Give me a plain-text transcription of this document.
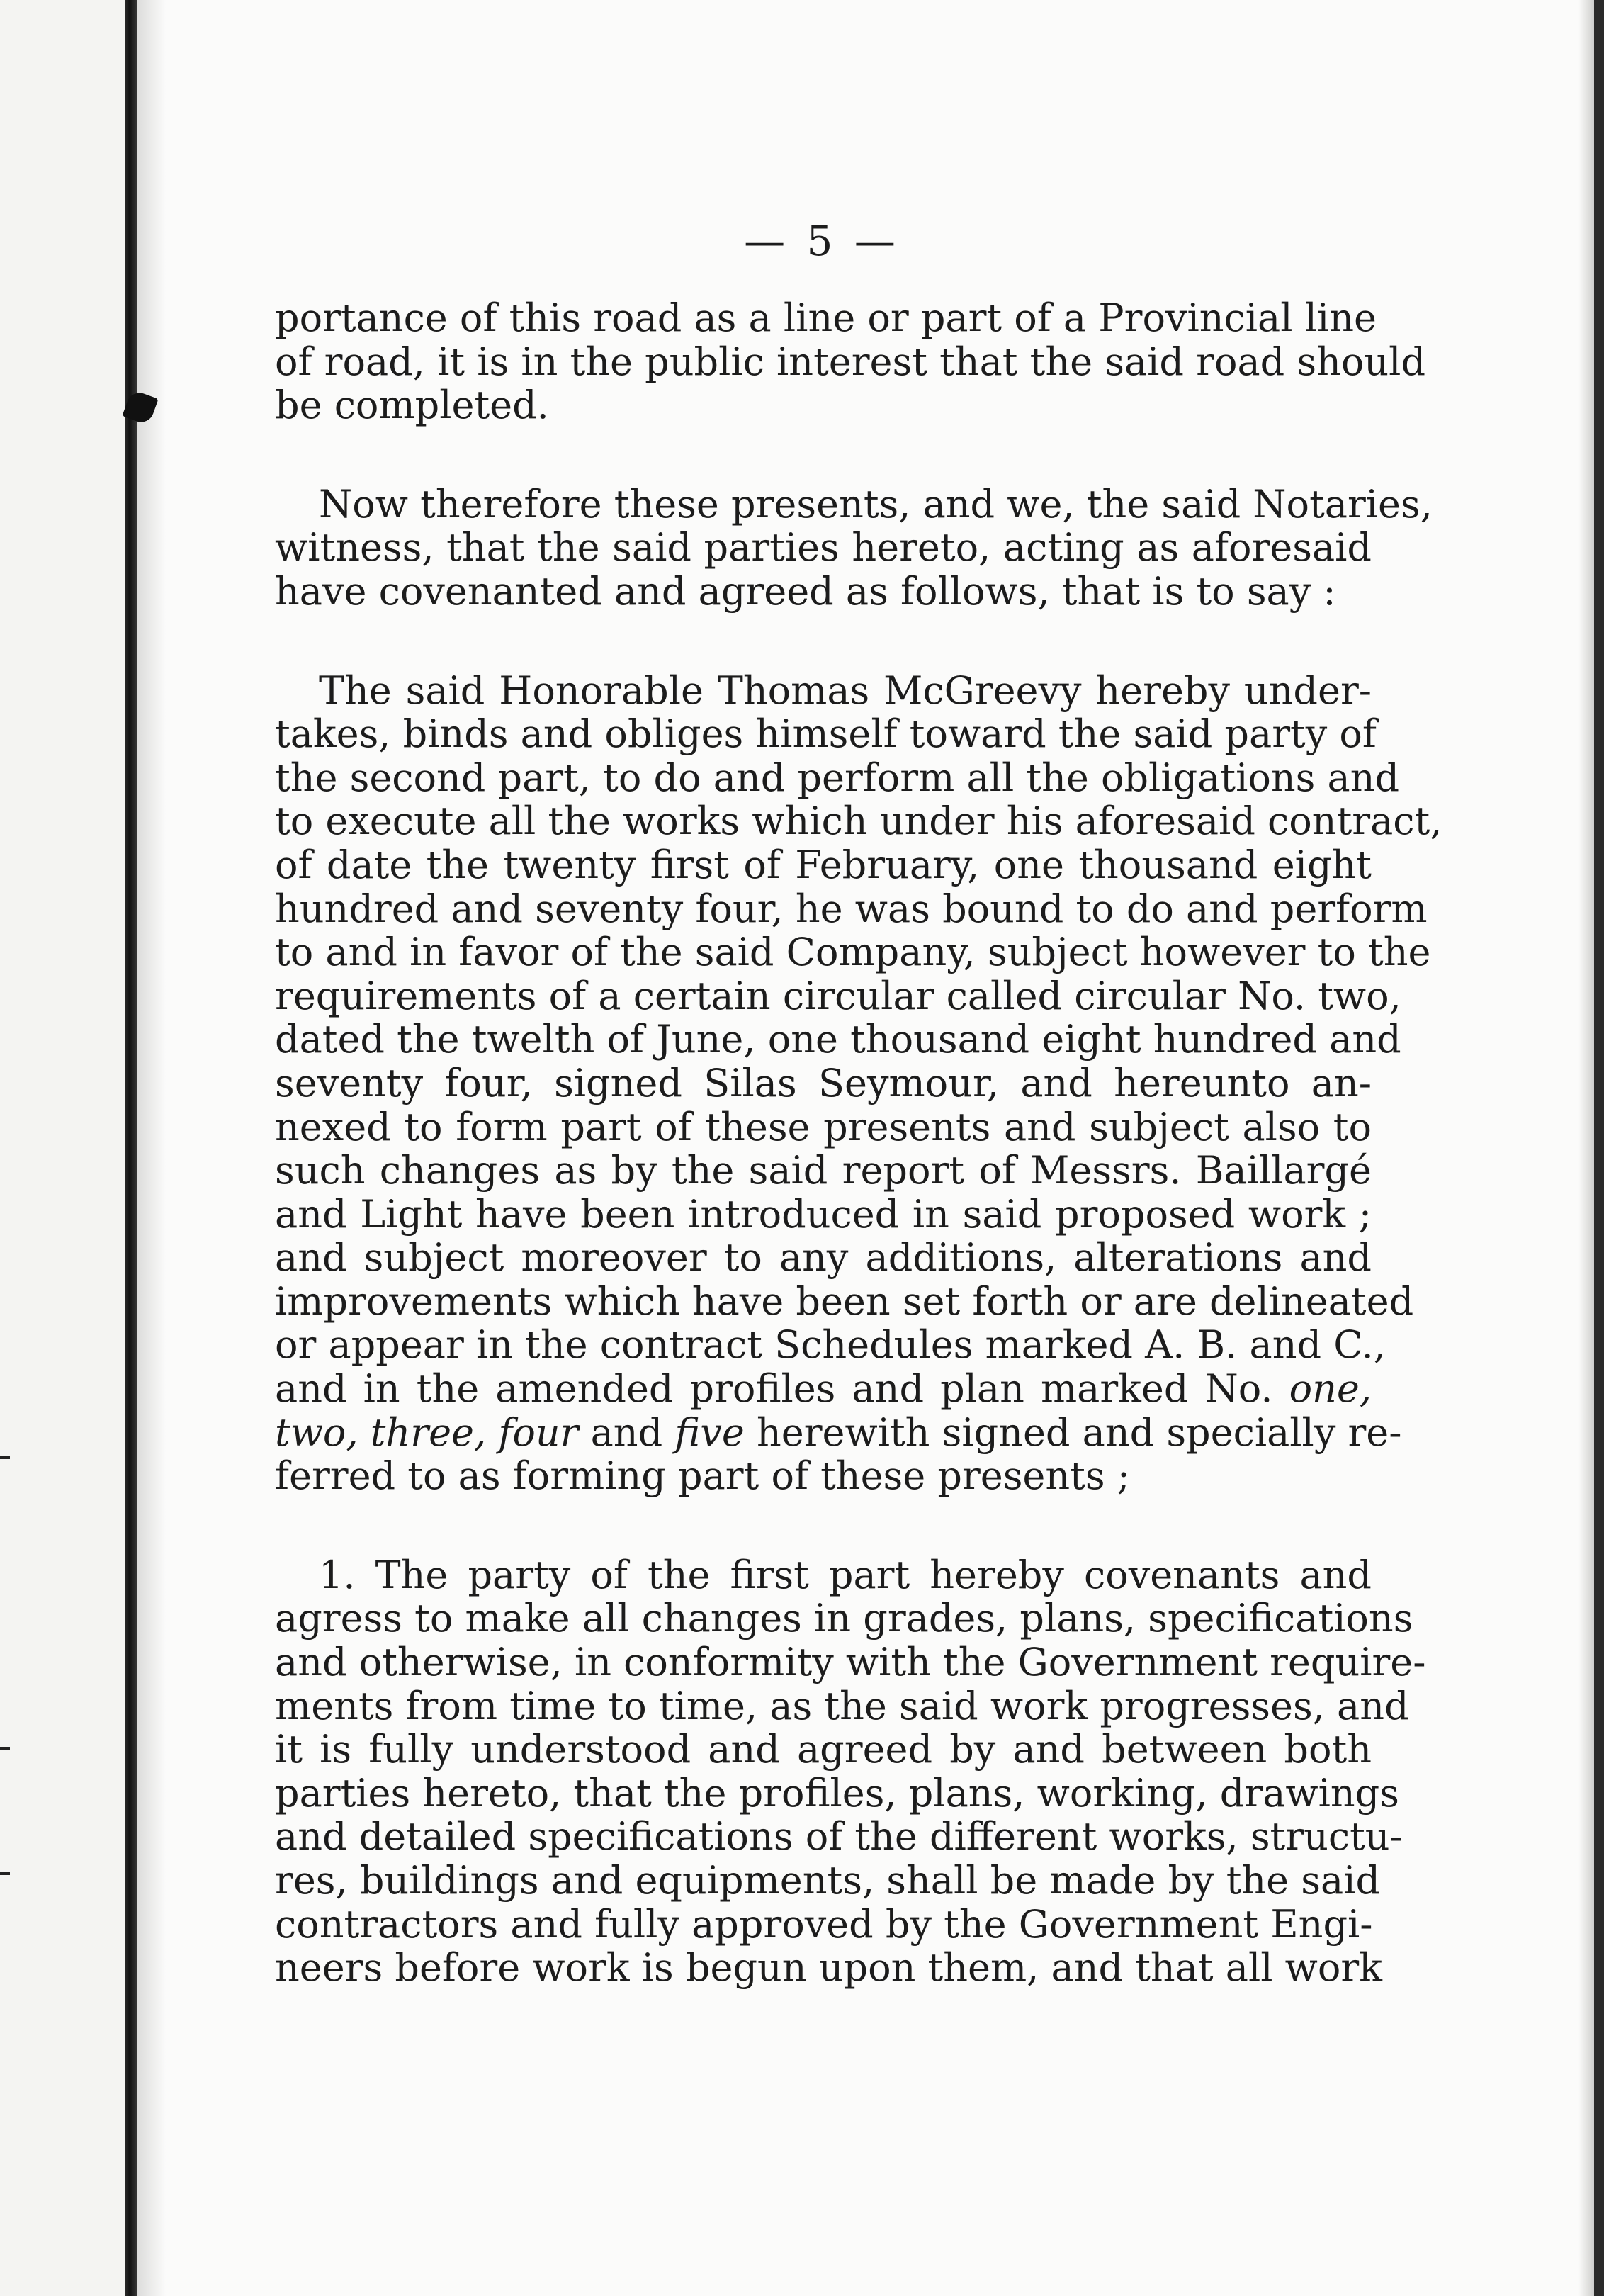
— 5 —

portance of this road as a line or part of a Provincial line
of road, it is in the public interest that the said road should
be completed.

Now therefore these presents, and we, the said Notaries,
witness, that the said parties hereto, acting as aforesaid
have covenanted and agreed as follows, that is to say :

The said Honorable Thomas McGreevy hereby under-
takes, binds and obliges himself toward the said party of
the second part, to do and perform all the obligations and
to execute all the works which under his aforesaid contract,
of date the twenty first of February, one thousand eight
hundred and seventy four, he was bound to do and perform
to and in favor of the said Company, subject however to the
requirements of a certain circular called circular No. two,
dated the twelth of June, one thousand eight hundred and
seventy four, signed Silas Seymour, and hereunto an-
nexed to form part of these presents and subject also to
such changes as by the said report of Messrs. Baillargé
and Light have been introduced in said proposed work ;
and subject moreover to any additions, alterations and
improvements which have been set forth or are delineated
or appear in the contract Schedules marked A. B. and C.,
and in the amended profiles and plan marked No. one,
two, three, four and five herewith signed and specially re-
ferred to as forming part of these presents ;

1. The party of the first part hereby covenants and
agress to make all changes in grades, plans, specifications
and otherwise, in conformity with the Government require-
ments from time to time, as the said work progresses, and
it is fully understood and agreed by and between both
parties hereto, that the profiles, plans, working, drawings
and detailed specifications of the different works, structu-
res, buildings and equipments, shall be made by the said
contractors and fully approved by the Government Engi-
neers before work is begun upon them, and that all work
